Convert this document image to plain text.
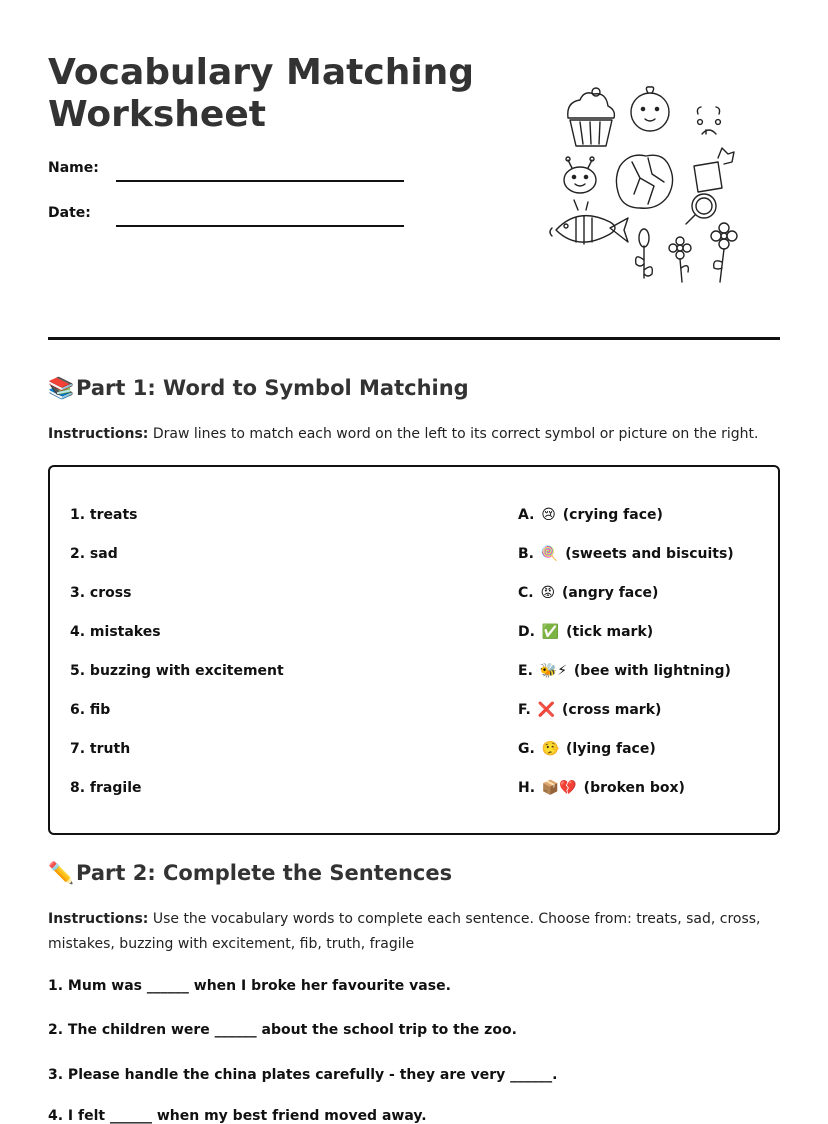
Vocabulary Matching Worksheet
Name:
Date:
📚Part 1: Word to Symbol Matching
Instructions: Draw lines to match each word on the left to its correct symbol or picture on the right.
1. treats
2. sad
3. cross
4. mistakes
5. buzzing with excitement
6. fib
7. truth
8. fragile
A. 😢 (crying face)
B. 🍭 (sweets and biscuits)
C. 😡 (angry face)
D. ✅ (tick mark)
E. 🐝⚡ (bee with lightning)
F. ❌ (cross mark)
G. 🤥 (lying face)
H. 📦💔 (broken box)
✏️Part 2: Complete the Sentences
Instructions: Use the vocabulary words to complete each sentence. Choose from: treats, sad, cross, mistakes, buzzing with excitement, fib, truth, fragile
1. Mum was ______ when I broke her favourite vase.
2. The children were ______ about the school trip to the zoo.
3. Please handle the china plates carefully - they are very ______.
4. I felt ______ when my best friend moved away.
